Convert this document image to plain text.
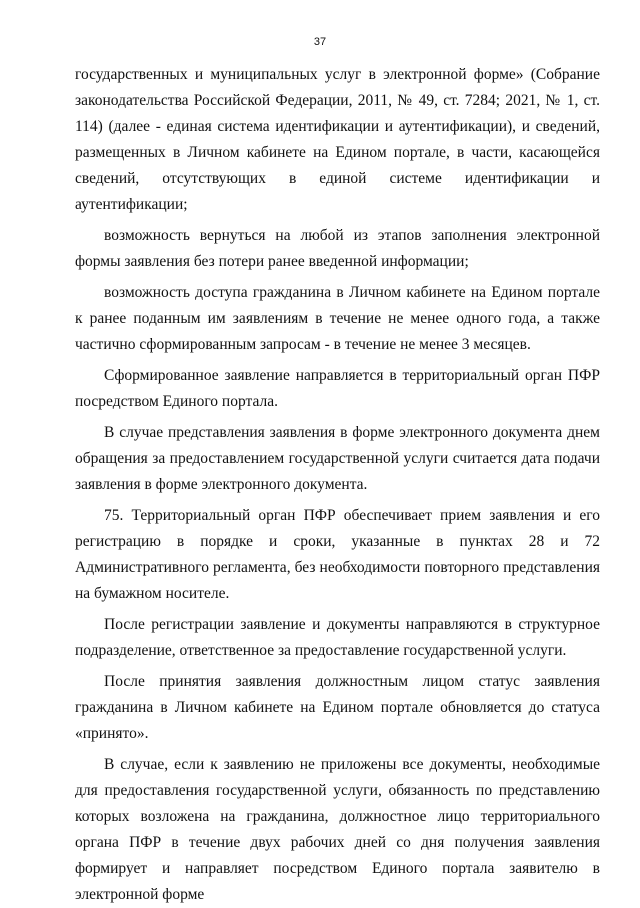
37

государственных и муниципальных услуг в электронной форме» (Собрание законодательства Российской Федерации, 2011, № 49, ст. 7284; 2021, № 1, ст. 114) (далее - единая система идентификации и аутентификации), и сведений, размещенных в Личном кабинете на Едином портале, в части, касающейся сведений, отсутствующих в единой системе идентификации и аутентификации;

возможность вернуться на любой из этапов заполнения электронной формы заявления без потери ранее введенной информации;

возможность доступа гражданина в Личном кабинете на Едином портале к ранее поданным им заявлениям в течение не менее одного года, а также частично сформированным запросам - в течение не менее 3 месяцев.

Сформированное заявление направляется в территориальный орган ПФР посредством Единого портала.

В случае представления заявления в форме электронного документа днем обращения за предоставлением государственной услуги считается дата подачи заявления в форме электронного документа.

75. Территориальный орган ПФР обеспечивает прием заявления и его регистрацию в порядке и сроки, указанные в пунктах 28 и 72 Административного регламента, без необходимости повторного представления на бумажном носителе.

После регистрации заявление и документы направляются в структурное подразделение, ответственное за предоставление государственной услуги.

После принятия заявления должностным лицом статус заявления гражданина в Личном кабинете на Едином портале обновляется до статуса «принято».

В случае, если к заявлению не приложены все документы, необходимые для предоставления государственной услуги, обязанность по представлению которых возложена на гражданина, должностное лицо территориального органа ПФР в течение двух рабочих дней со дня получения заявления формирует и направляет посредством Единого портала заявителю в электронной форме
